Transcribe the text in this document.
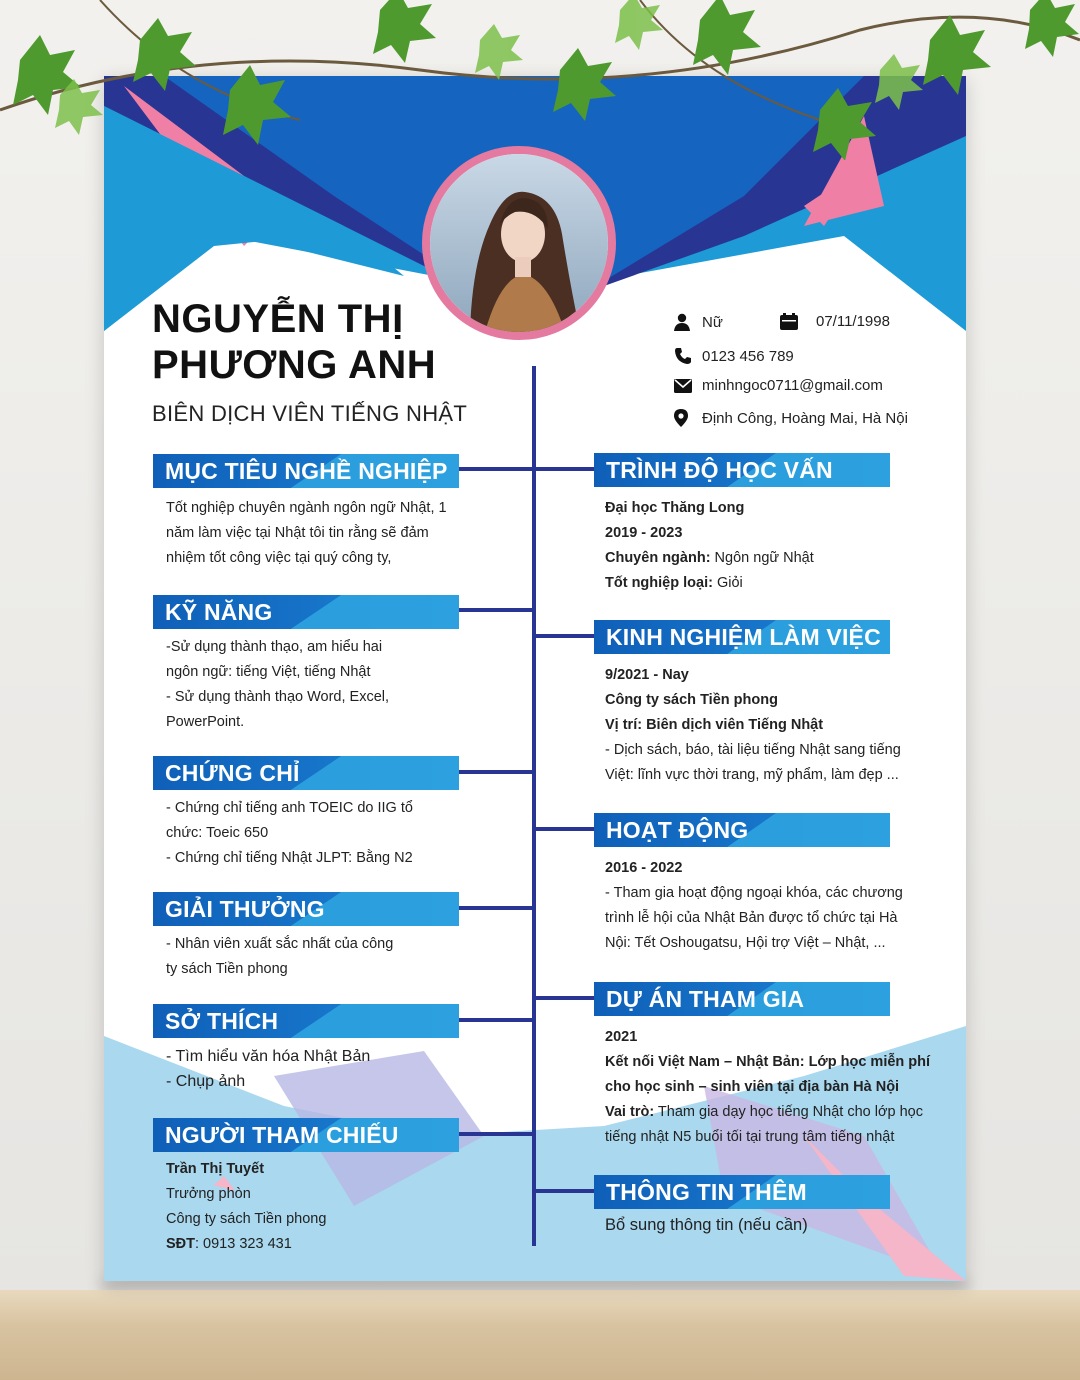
NGUYỄN THỊ
PHƯƠNG ANH
BIÊN DỊCH VIÊN TIẾNG NHẬT
Nữ	07/11/1998
0123 456 789
minhngoc0711@gmail.com
Định Công, Hoàng Mai, Hà Nội
MỤC TIÊU NGHỀ NGHIỆP
Tốt nghiệp chuyên ngành ngôn ngữ Nhật, 1
năm làm việc tại Nhật tôi tin rằng sẽ đảm
nhiệm tốt công việc tại quý công ty,
KỸ NĂNG
-Sử dụng thành thạo, am hiểu hai
ngôn ngữ: tiếng Việt, tiếng Nhật
- Sử dụng thành thạo Word, Excel,
PowerPoint.
CHỨNG CHỈ
- Chứng chỉ tiếng anh TOEIC do IIG tổ
chức: Toeic 650
- Chứng chỉ tiếng Nhật JLPT: Bằng N2
GIẢI THƯỞNG
- Nhân viên xuất sắc nhất của công
ty sách Tiền phong
SỞ THÍCH
- Tìm hiểu văn hóa Nhật Bản
- Chụp ảnh
NGƯỜI THAM CHIẾU
Trần Thị Tuyết
Trưởng phòn
Công ty sách Tiền phong
SĐT: 0913 323 431
TRÌNH ĐỘ HỌC VẤN
Đại học Thăng Long
2019 - 2023
Chuyên ngành: Ngôn ngữ Nhật
Tốt nghiệp loại: Giỏi
KINH NGHIỆM LÀM VIỆC
9/2021 - Nay
Công ty sách Tiền phong
Vị trí: Biên dịch viên Tiếng Nhật
- Dịch sách, báo, tài liệu tiếng Nhật sang tiếng
Việt: lĩnh vực thời trang, mỹ phẩm, làm đẹp ...
HOẠT ĐỘNG
2016 - 2022
- Tham gia hoạt động ngoại khóa, các chương
trình lễ hội của Nhật Bản được tổ chức tại Hà
Nội: Tết Oshougatsu, Hội trợ Việt – Nhật, ...
DỰ ÁN THAM GIA
2021
Kết nối Việt Nam – Nhật Bản: Lớp học miễn phí
cho học sinh – sinh viên tại địa bàn Hà Nội
Vai trò: Tham gia dạy học tiếng Nhật cho lớp học
tiếng nhật N5 buổi tối tại trung tâm tiếng nhật
THÔNG TIN THÊM
Bổ sung thông tin (nếu cần)
